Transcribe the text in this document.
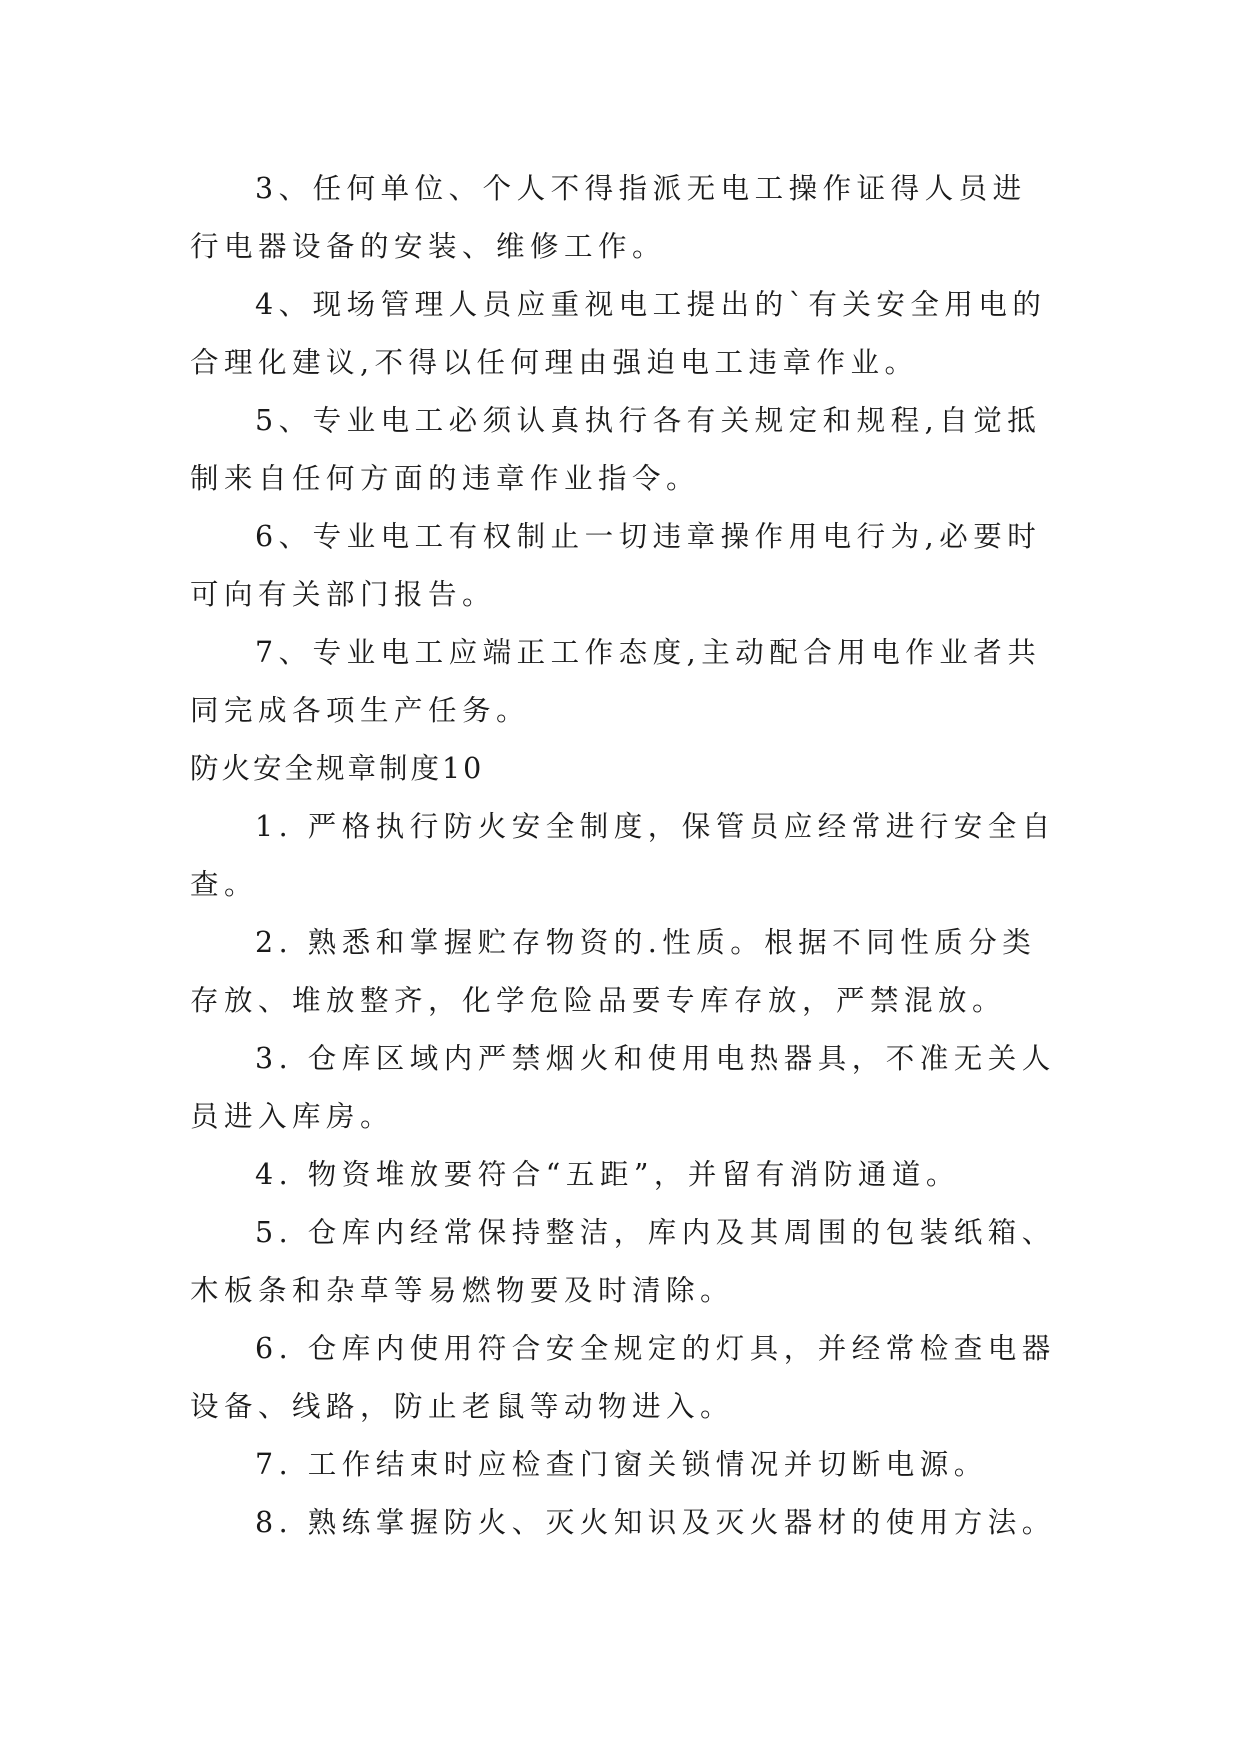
3、任何单位、个人不得指派无电工操作证得人员进行电器设备的安装、维修工作。

4、现场管理人员应重视电工提出的`有关安全用电的合理化建议,不得以任何理由强迫电工违章作业。

5、专业电工必须认真执行各有关规定和规程,自觉抵制来自任何方面的违章作业指令。

6、专业电工有权制止一切违章操作用电行为,必要时可向有关部门报告。

7、专业电工应端正工作态度,主动配合用电作业者共同完成各项生产任务。

防火安全规章制度10

1. 严格执行防火安全制度，保管员应经常进行安全自查。

2. 熟悉和掌握贮存物资的.性质。根据不同性质分类存放、堆放整齐，化学危险品要专库存放，严禁混放。

3. 仓库区域内严禁烟火和使用电热器具，不准无关人员进入库房。

4. 物资堆放要符合“五距”，并留有消防通道。

5. 仓库内经常保持整洁，库内及其周围的包装纸箱、木板条和杂草等易燃物要及时清除。

6. 仓库内使用符合安全规定的灯具，并经常检查电器设备、线路，防止老鼠等动物进入。

7. 工作结束时应检查门窗关锁情况并切断电源。

8. 熟练掌握防火、灭火知识及灭火器材的使用方法。
